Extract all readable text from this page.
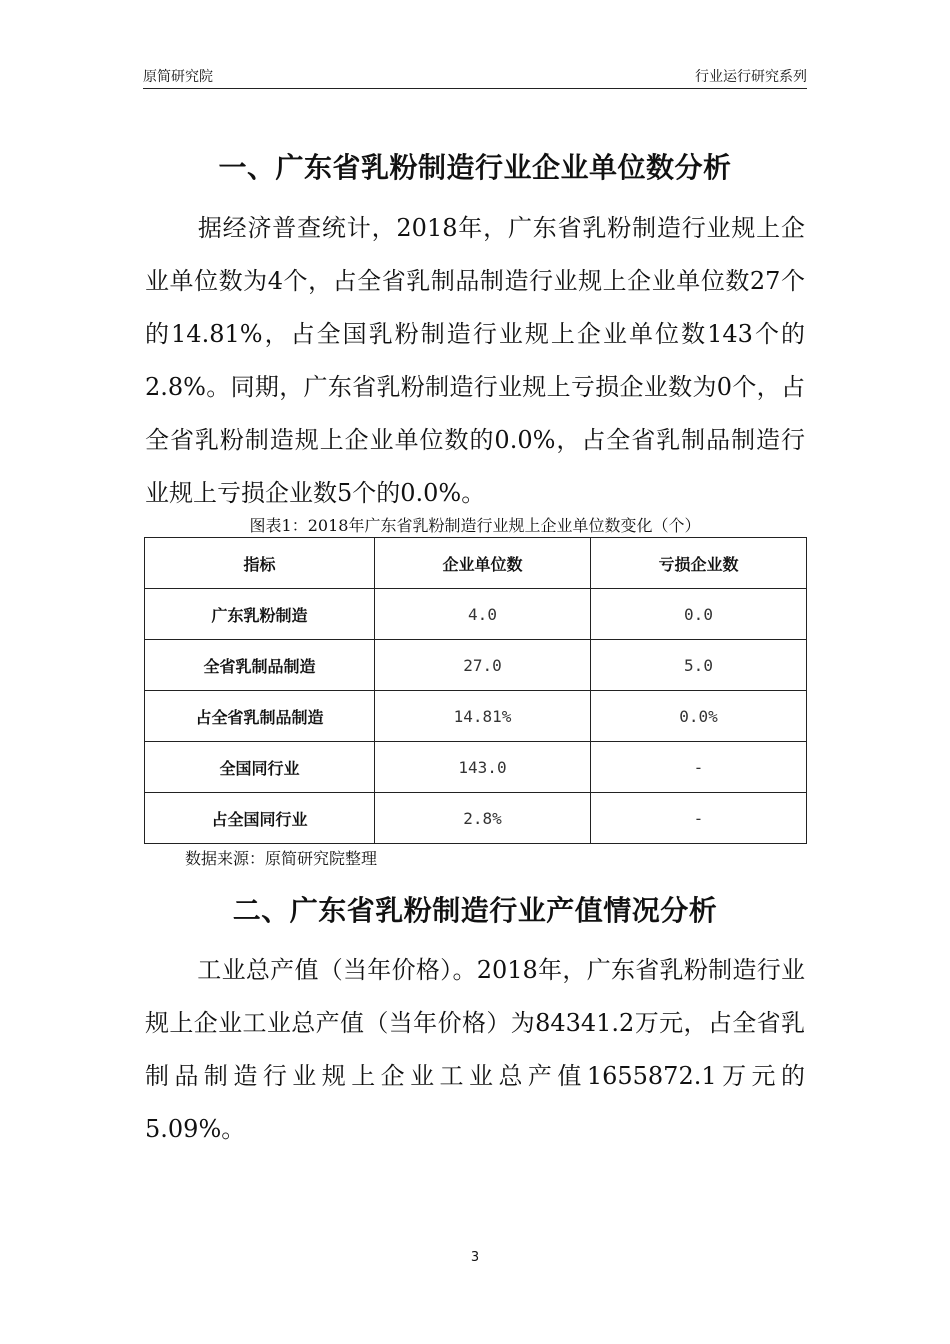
原简研究院	行业运行研究系列
一、广东省乳粉制造行业企业单位数分析

据经济普查统计，2018年，广东省乳粉制造行业规上企业单位数为4个，占全省乳制品制造行业规上企业单位数27个的14.81%，占全国乳粉制造行业规上企业单位数143个的2.8%。同期，广东省乳粉制造行业规上亏损企业数为0个，占全省乳粉制造规上企业单位数的0.0%，占全省乳制品制造行业规上亏损企业数5个的0.0%。

图表1：2018年广东省乳粉制造行业规上企业单位数变化（个）
指标	企业单位数	亏损企业数
广东乳粉制造	4.0	0.0
全省乳制品制造	27.0	5.0
占全省乳制品制造	14.81%	0.0%
全国同行业	143.0	-
占全国同行业	2.8%	-
数据来源：原简研究院整理
二、广东省乳粉制造行业产值情况分析

工业总产值（当年价格）。2018年，广东省乳粉制造行业规上企业工业总产值（当年价格）为84341.2万元，占全省乳制品制造行业规上企业工业总产值1655872.1万元的5.09%。

3
